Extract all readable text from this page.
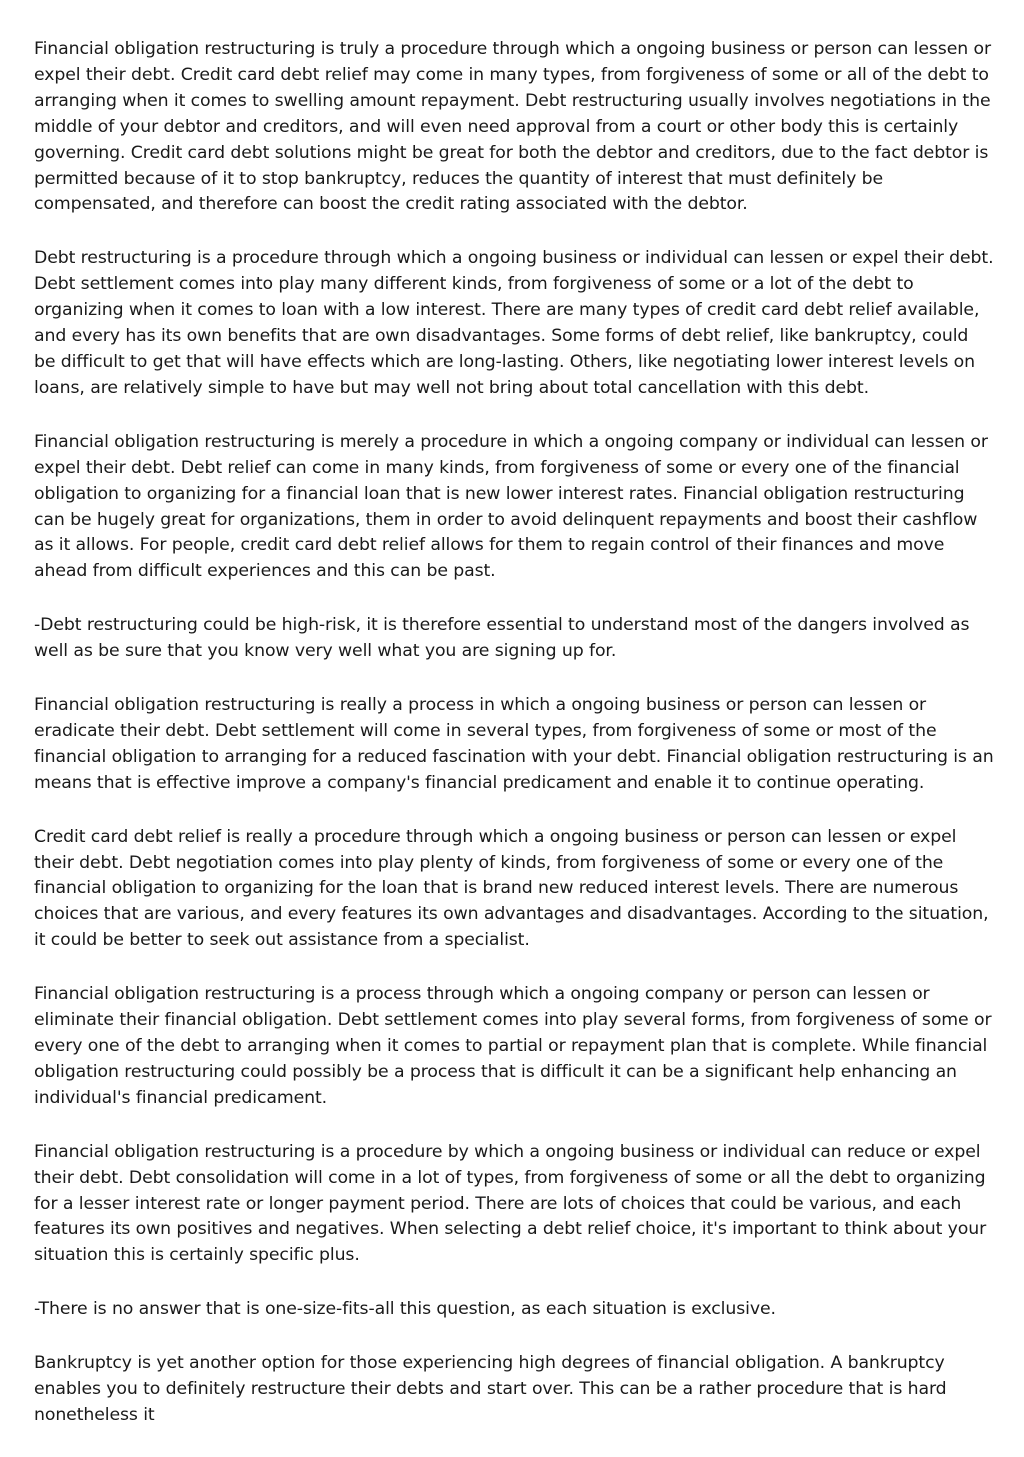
Financial obligation restructuring is truly a procedure through which a ongoing business or person can lessen or expel their debt. Credit card debt relief may come in many types, from forgiveness of some or all of the debt to arranging when it comes to swelling amount repayment. Debt restructuring usually involves negotiations in the middle of your debtor and creditors, and will even need approval from a court or other body this is certainly governing. Credit card debt solutions might be great for both the debtor and creditors, due to the fact debtor is permitted because of it to stop bankruptcy, reduces the quantity of interest that must definitely be compensated, and therefore can boost the credit rating associated with the debtor.

Debt restructuring is a procedure through which a ongoing business or individual can lessen or expel their debt. Debt settlement comes into play many different kinds, from forgiveness of some or a lot of the debt to organizing when it comes to loan with a low interest. There are many types of credit card debt relief available, and every has its own benefits that are own disadvantages. Some forms of debt relief, like bankruptcy, could be difficult to get that will have effects which are long-lasting. Others, like negotiating lower interest levels on loans, are relatively simple to have but may well not bring about total cancellation with this debt.

Financial obligation restructuring is merely a procedure in which a ongoing company or individual can lessen or expel their debt. Debt relief can come in many kinds, from forgiveness of some or every one of the financial obligation to organizing for a financial loan that is new lower interest rates. Financial obligation restructuring can be hugely great for organizations, them in order to avoid delinquent repayments and boost their cashflow as it allows. For people, credit card debt relief allows for them to regain control of their finances and move ahead from difficult experiences and this can be past.

-Debt restructuring could be high-risk, it is therefore essential to understand most of the dangers involved as well as be sure that you know very well what you are signing up for.

Financial obligation restructuring is really a process in which a ongoing business or person can lessen or eradicate their debt. Debt settlement will come in several types, from forgiveness of some or most of the financial obligation to arranging for a reduced fascination with your debt. Financial obligation restructuring is an means that is effective improve a company's financial predicament and enable it to continue operating.

Credit card debt relief is really a procedure through which a ongoing business or person can lessen or expel their debt. Debt negotiation comes into play plenty of kinds, from forgiveness of some or every one of the financial obligation to organizing for the loan that is brand new reduced interest levels. There are numerous choices that are various, and every features its own advantages and disadvantages. According to the situation, it could be better to seek out assistance from a specialist.

Financial obligation restructuring is a process through which a ongoing company or person can lessen or eliminate their financial obligation. Debt settlement comes into play several forms, from forgiveness of some or every one of the debt to arranging when it comes to partial or repayment plan that is complete. While financial obligation restructuring could possibly be a process that is difficult it can be a significant help enhancing an individual's financial predicament.

Financial obligation restructuring is a procedure by which a ongoing business or individual can reduce or expel their debt. Debt consolidation will come in a lot of types, from forgiveness of some or all the debt to organizing for a lesser interest rate or longer payment period. There are lots of choices that could be various, and each features its own positives and negatives. When selecting a debt relief choice, it's important to think about your situation this is certainly specific plus.

-There is no answer that is one-size-fits-all this question, as each situation is exclusive.

Bankruptcy is yet another option for those experiencing high degrees of financial obligation. A bankruptcy enables you to definitely restructure their debts and start over. This can be a rather procedure that is hard nonetheless it
